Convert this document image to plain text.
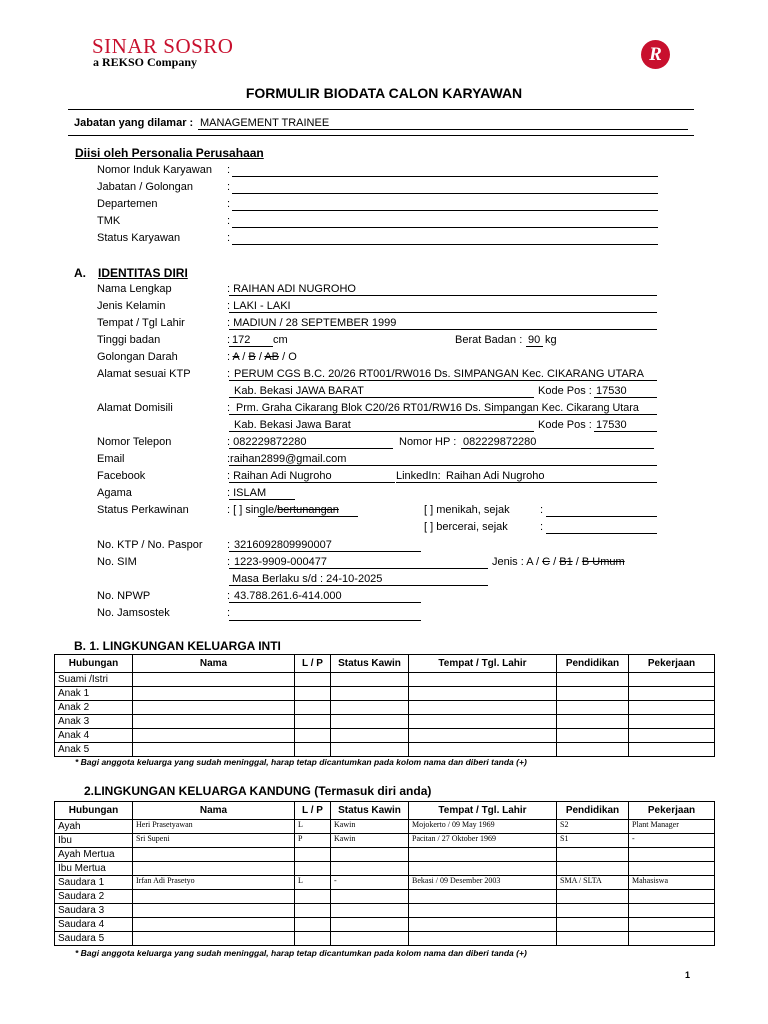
SINAR SOSRO
a REKSO Company	R
FORMULIR BIODATA CALON KARYAWAN
Jabatan yang dilamar : MANAGEMENT TRAINEE
Diisi oleh Personalia Perusahaan
Nomor Induk Karyawan :
Jabatan / Golongan	:
Departemen	:
TMK	:
Status Karyawan	:
A. IDENTITAS DIRI
Nama Lengkap	: RAIHAN ADI NUGROHO
Jenis Kelamin	: LAKI - LAKI
Tempat / Tgl Lahir	: MADIUN / 28 SEPTEMBER 1999
Tinggi badan	: 172 cm	Berat Badan : 90 kg
Golongan Darah	: A / B / AB / O
Alamat sesuai KTP	: PERUM CGS B.C. 20/26 RT001/RW016 Ds. SIMPANGAN Kec. CIKARANG UTARA
Kab. Bekasi JAWA BARAT	Kode Pos : 17530
Alamat Domisili	: Prm. Graha Cikarang Blok C20/26 RT01/RW16 Ds. Simpangan Kec. Cikarang Utara
Kab. Bekasi Jawa Barat	Kode Pos : 17530
Nomor Telepon	: 082229872280	Nomor HP : 082229872280
Email	:raihan2899@gmail.com
Facebook	: Raihan Adi Nugroho	LinkedIn: Raihan Adi Nugroho
Agama	: ISLAM
Status Perkawinan	: [ ] single/bertunangan	[ ] menikah, sejak	:
[ ] bercerai, sejak	:
No. KTP / No. Paspor : 3216092809990007
No. SIM	: 1223-9909-000477	Jenis : A / C / B1 / B Umum
Masa Berlaku s/d : 24-10-2025
No. NPWP	: 43.788.261.6-414.000
No. Jamsostek	:
B. 1. LINGKUNGAN KELUARGA INTI
Hubungan	Nama	L / P	Status Kawin	Tempat / Tgl. Lahir	Pendidikan	Pekerjaan
Suami /Istri						
Anak 1						
Anak 2						
Anak 3						
Anak 4						
Anak 5						
* Bagi anggota keluarga yang sudah meninggal, harap tetap dicantumkan pada kolom nama dan diberi tanda (+)
2.LINGKUNGAN KELUARGA KANDUNG (Termasuk diri anda)
Hubungan	Nama	L / P	Status Kawin	Tempat / Tgl. Lahir	Pendidikan	Pekerjaan
Ayah	Heri Prasetyawan	L	Kawin	Mojokerto / 09 May 1969	S2	Plant Manager
Ibu	Sri Supeni	P	Kawin	Pacitan / 27 Oktober 1969	S1	-
Ayah Mertua						
Ibu Mertua						
Saudara 1	Irfan Adi Prasetyo	L	-	Bekasi / 09 Desember 2003	SMA / SLTA	Mahasiswa
Saudara 2						
Saudara 3						
Saudara 4						
Saudara 5						
* Bagi anggota keluarga yang sudah meninggal, harap tetap dicantumkan pada kolom nama dan diberi tanda (+)
1
